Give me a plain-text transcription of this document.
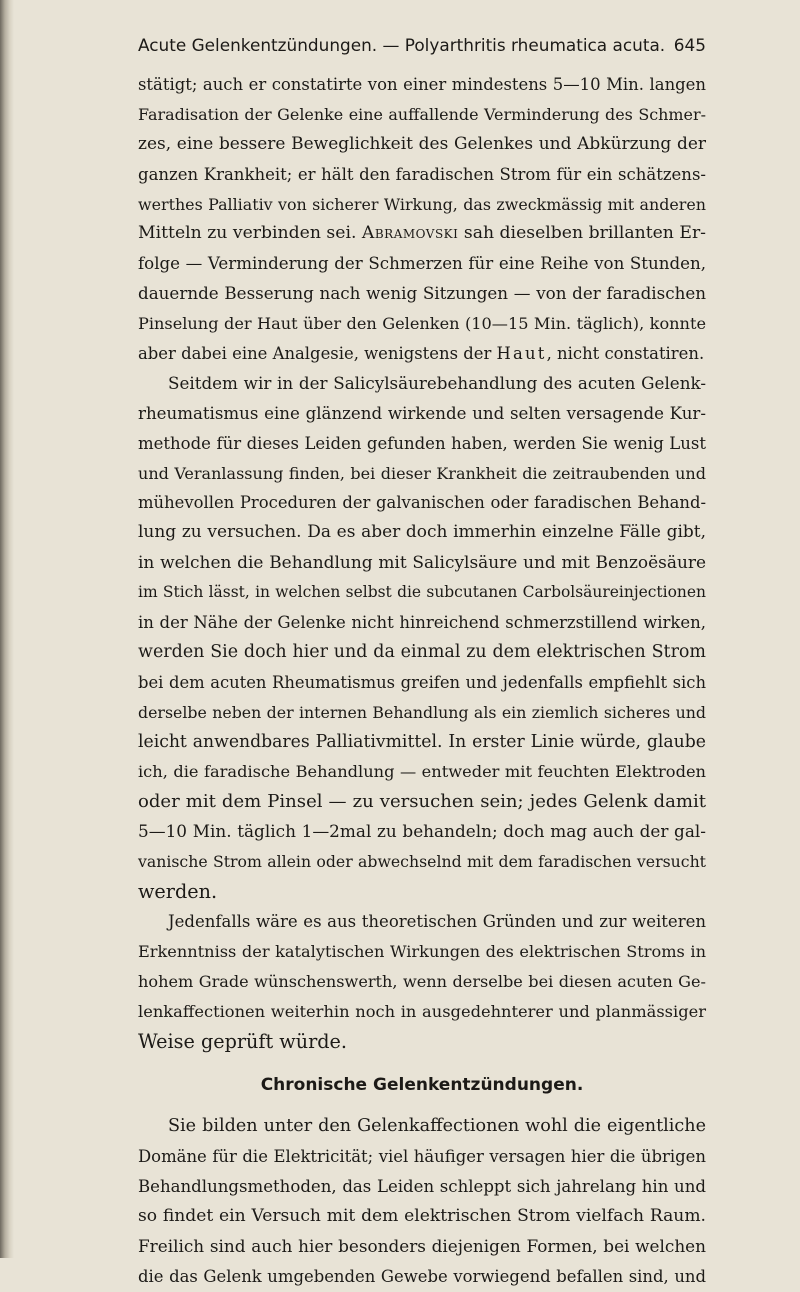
Acute Gelenkentzündungen. — Polyarthritis rheumatica acuta. 645
stätigt; auch er constatirte von einer mindestens 5—10 Min. langen
Faradisation der Gelenke eine auffallende Verminderung des Schmer-
zes, eine bessere Beweglichkeit des Gelenkes und Abkürzung der
ganzen Krankheit; er hält den faradischen Strom für ein schätzens-
werthes Palliativ von sicherer Wirkung, das zweckmässig mit anderen
Mitteln zu verbinden sei. Abramovski sah dieselben brillanten Er-
folge — Verminderung der Schmerzen für eine Reihe von Stunden,
dauernde Besserung nach wenig Sitzungen — von der faradischen
Pinselung der Haut über den Gelenken (10—15 Min. täglich), konnte
aber dabei eine Analgesie, wenigstens der Haut, nicht constatiren.
Seitdem wir in der Salicylsäurebehandlung des acuten Gelenk-
rheumatismus eine glänzend wirkende und selten versagende Kur-
methode für dieses Leiden gefunden haben, werden Sie wenig Lust
und Veranlassung finden, bei dieser Krankheit die zeitraubenden und
mühevollen Proceduren der galvanischen oder faradischen Behand-
lung zu versuchen. Da es aber doch immerhin einzelne Fälle gibt,
in welchen die Behandlung mit Salicylsäure und mit Benzoësäure
im Stich lässt, in welchen selbst die subcutanen Carbolsäureinjectionen
in der Nähe der Gelenke nicht hinreichend schmerzstillend wirken,
werden Sie doch hier und da einmal zu dem elektrischen Strom
bei dem acuten Rheumatismus greifen und jedenfalls empfiehlt sich
derselbe neben der internen Behandlung als ein ziemlich sicheres und
leicht anwendbares Palliativmittel. In erster Linie würde, glaube
ich, die faradische Behandlung — entweder mit feuchten Elektroden
oder mit dem Pinsel — zu versuchen sein; jedes Gelenk damit
5—10 Min. täglich 1—2mal zu behandeln; doch mag auch der gal-
vanische Strom allein oder abwechselnd mit dem faradischen versucht
werden.
Jedenfalls wäre es aus theoretischen Gründen und zur weiteren
Erkenntniss der katalytischen Wirkungen des elektrischen Stroms in
hohem Grade wünschenswerth, wenn derselbe bei diesen acuten Ge-
lenkaffectionen weiterhin noch in ausgedehnterer und planmässiger
Weise geprüft würde.
Chronische Gelenkentzündungen.
Sie bilden unter den Gelenkaffectionen wohl die eigentliche
Domäne für die Elektricität; viel häufiger versagen hier die übrigen
Behandlungsmethoden, das Leiden schleppt sich jahrelang hin und
so findet ein Versuch mit dem elektrischen Strom vielfach Raum.
Freilich sind auch hier besonders diejenigen Formen, bei welchen
die das Gelenk umgebenden Gewebe vorwiegend befallen sind, und
